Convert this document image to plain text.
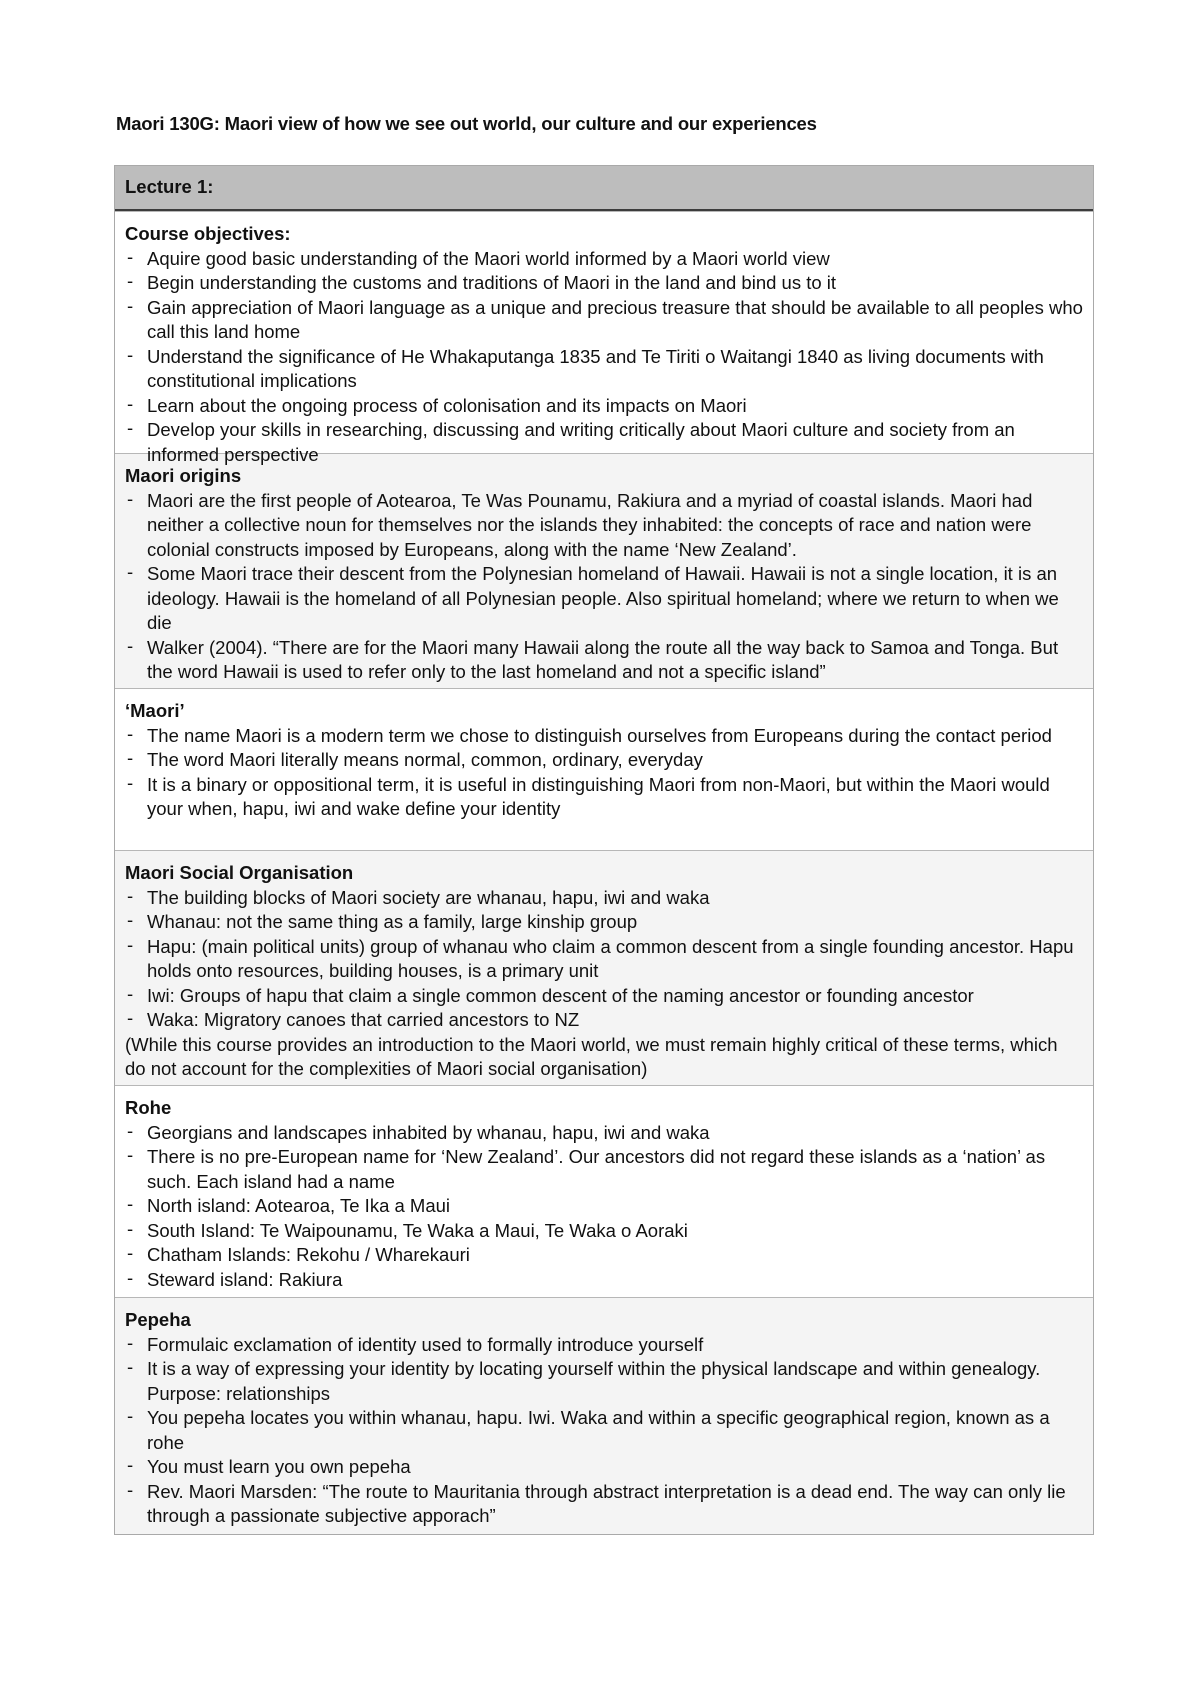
Maori 130G: Maori view of how we see out world, our culture and our experiences
Lecture 1:
Course objectives:
- Aquire good basic understanding of the Maori world informed by a Maori world view
- Begin understanding the customs and traditions of Maori in the land and bind us to it
- Gain appreciation of Maori language as a unique and precious treasure that should be available to all peoples who call this land home
- Understand the significance of He Whakaputanga 1835 and Te Tiriti o Waitangi 1840 as living documents with constitutional implications
- Learn about the ongoing process of colonisation and its impacts on Maori
- Develop your skills in researching, discussing and writing critically about Maori culture and society from an informed perspective
Maori origins
- Maori are the first people of Aotearoa, Te Was Pounamu, Rakiura and a myriad of coastal islands. Maori had neither a collective noun for themselves nor the islands they inhabited: the concepts of race and nation were colonial constructs imposed by Europeans, along with the name ‘New Zealand’.
- Some Maori trace their descent from the Polynesian homeland of Hawaii. Hawaii is not a single location, it is an ideology. Hawaii is the homeland of all Polynesian people. Also spiritual homeland; where we return to when we die
- Walker (2004). “There are for the Maori many Hawaii along the route all the way back to Samoa and Tonga. But the word Hawaii is used to refer only to the last homeland and not a specific island”
‘Maori’
- The name Maori is a modern term we chose to distinguish ourselves from Europeans during the contact period
- The word Maori literally means normal, common, ordinary, everyday
- It is a binary or oppositional term, it is useful in distinguishing Maori from non-Maori, but within the Maori would your when, hapu, iwi and wake define your identity
Maori Social Organisation
- The building blocks of Maori society are whanau, hapu, iwi and waka
- Whanau: not the same thing as a family, large kinship group
- Hapu: (main political units) group of whanau who claim a common descent from a single founding ancestor. Hapu holds onto resources, building houses, is a primary unit
- Iwi: Groups of hapu that claim a single common descent of the naming ancestor or founding ancestor
- Waka: Migratory canoes that carried ancestors to NZ
(While this course provides an introduction to the Maori world, we must remain highly critical of these terms, which do not account for the complexities of Maori social organisation)
Rohe
- Georgians and landscapes inhabited by whanau, hapu, iwi and waka
- There is no pre-European name for ‘New Zealand’. Our ancestors did not regard these islands as a ‘nation’ as such. Each island had a name
- North island: Aotearoa, Te Ika a Maui
- South Island: Te Waipounamu, Te Waka a Maui, Te Waka o Aoraki
- Chatham Islands: Rekohu / Wharekauri
- Steward island: Rakiura
Pepeha
- Formulaic exclamation of identity used to formally introduce yourself
- It is a way of expressing your identity by locating yourself within the physical landscape and within genealogy. Purpose: relationships
- You pepeha locates you within whanau, hapu. Iwi. Waka and within a specific geographical region, known as a rohe
- You must learn you own pepeha
- Rev. Maori Marsden: “The route to Mauritania through abstract interpretation is a dead end. The way can only lie through a passionate subjective apporach”
